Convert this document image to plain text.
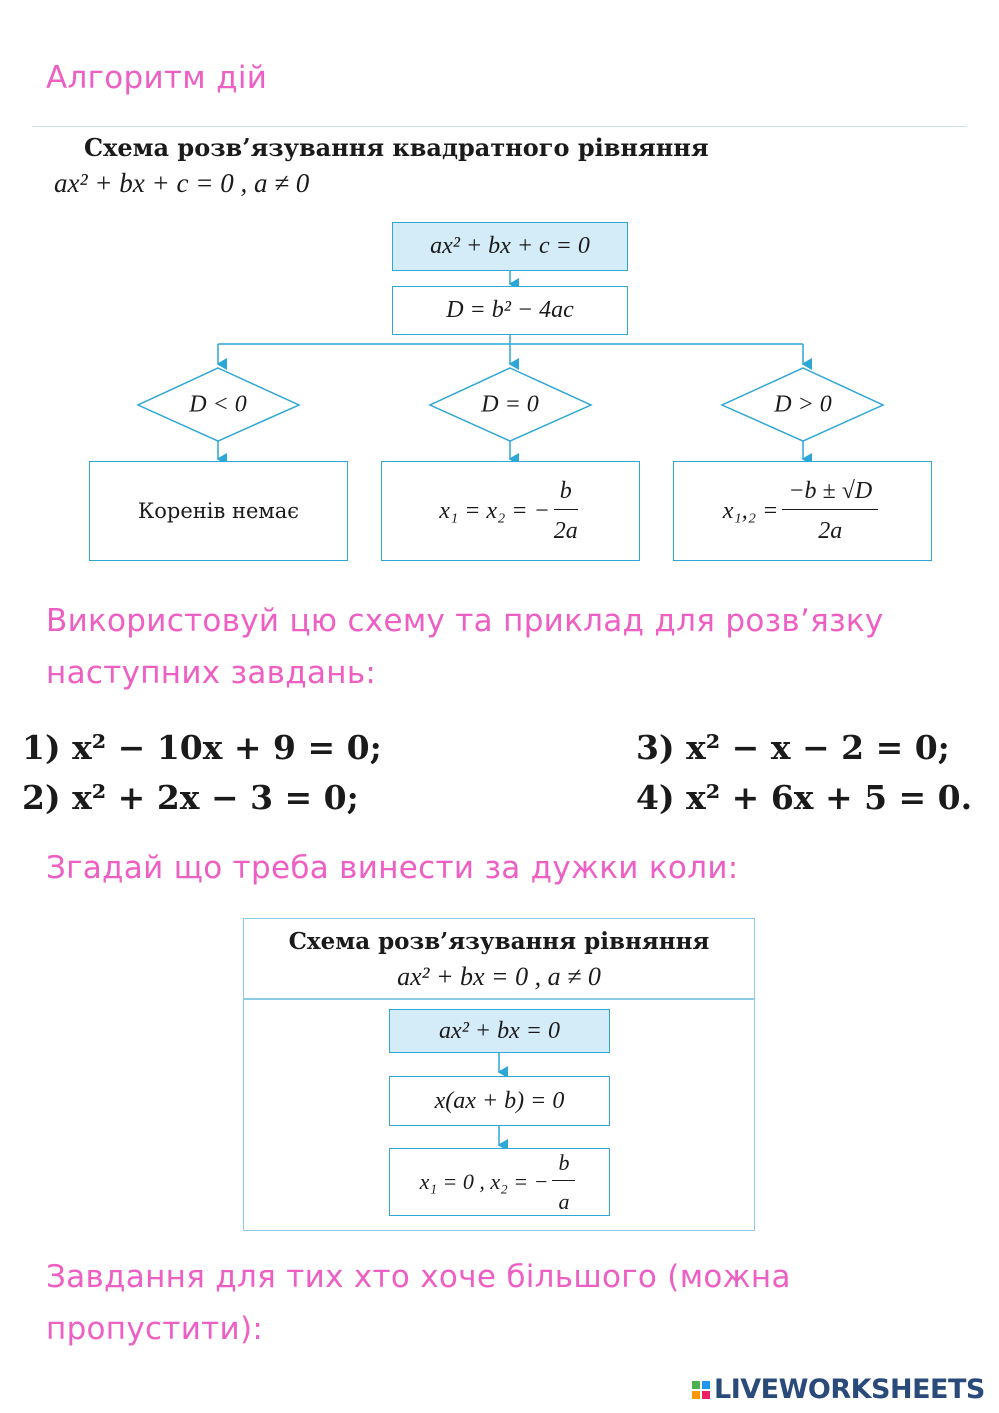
Алгоритм дій
Схема розв’язування квадратного рівняння
ax² + bx + c = 0 , a ≠ 0
ax² + bx + c = 0
D = b² − 4ac
D < 0	D = 0	D > 0
Коренів немає	x₁ = x₂ = − $\frac{b}{2a}$	$x_1,_2 = \frac{-b \pm √D}{2a}$
Використовуй цю схему та приклад для розв’язку
наступних завдань:
1) x² − 10x + 9 = 0;
2) x² + 2x − 3 = 0;
3) x² − x − 2 = 0;
4) x² + 6x + 5 = 0.
Згадай що треба винести за дужки коли:
Схема розв’язування рівняння
ax² + bx = 0 , a ≠ 0
ax² + bx = 0
x(ax + b) = 0
x₁ = 0 , x₂ = − $\frac{b}{a}$
Завдання для тих хто хоче більшого (можна
пропустити):
LIVEWORKSHEETS
